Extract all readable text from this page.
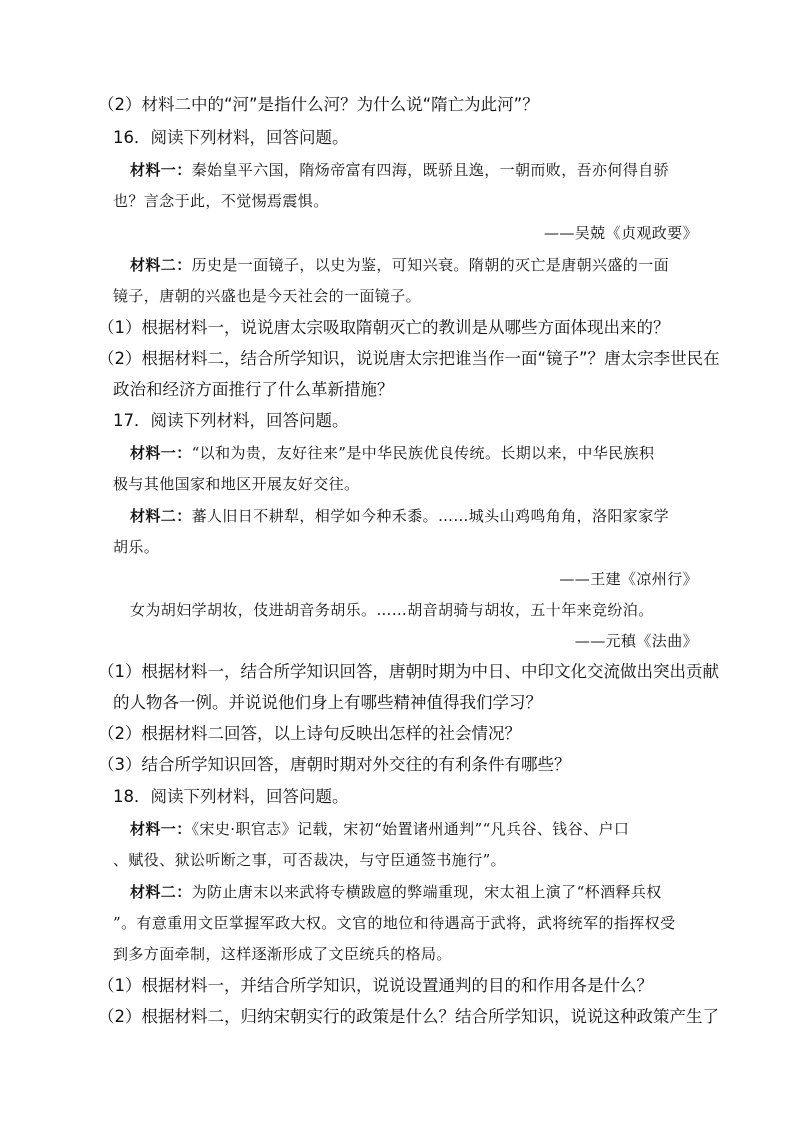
（2）材料二中的“河”是指什么河？为什么说“隋亡为此河”？
16．阅读下列材料，回答问题。
材料一：秦始皇平六国，隋炀帝富有四海，既骄且逸，一朝而败，吾亦何得自骄
也？言念于此，不觉惕焉震惧。
——吴兢《贞观政要》
材料二：历史是一面镜子，以史为鉴，可知兴衰。隋朝的灭亡是唐朝兴盛的一面
镜子，唐朝的兴盛也是今天社会的一面镜子。
（1）根据材料一，说说唐太宗吸取隋朝灭亡的教训是从哪些方面体现出来的？
（2）根据材料二，结合所学知识，说说唐太宗把谁当作一面“镜子”？唐太宗李世民在
政治和经济方面推行了什么革新措施？
17．阅读下列材料，回答问题。
材料一：“以和为贵，友好往来”是中华民族优良传统。长期以来，中华民族积
极与其他国家和地区开展友好交往。
材料二：蕃人旧日不耕犁，相学如今种禾黍。……城头山鸡鸣角角，洛阳家家学
胡乐。
——王建《凉州行》
女为胡妇学胡妆，伎进胡音务胡乐。……胡音胡骑与胡妆，五十年来竞纷泊。
——元稹《法曲》
（1）根据材料一，结合所学知识回答，唐朝时期为中日、中印文化交流做出突出贡献
的人物各一例。并说说他们身上有哪些精神值得我们学习？
（2）根据材料二回答，以上诗句反映出怎样的社会情况？
（3）结合所学知识回答，唐朝时期对外交往的有利条件有哪些？
18．阅读下列材料，回答问题。
材料一：《宋史·职官志》记载，宋初“始置诸州通判”“凡兵谷、钱谷、户口
、赋役、狱讼听断之事，可否裁决，与守臣通签书施行”。
材料二：为防止唐末以来武将专横跋扈的弊端重现，宋太祖上演了“杯酒释兵权
”。有意重用文臣掌握军政大权。文官的地位和待遇高于武将，武将统军的指挥权受
到多方面牵制，这样逐渐形成了文臣统兵的格局。
（1）根据材料一，并结合所学知识，说说设置通判的目的和作用各是什么？
（2）根据材料二，归纳宋朝实行的政策是什么？结合所学知识，说说这种政策产生了
